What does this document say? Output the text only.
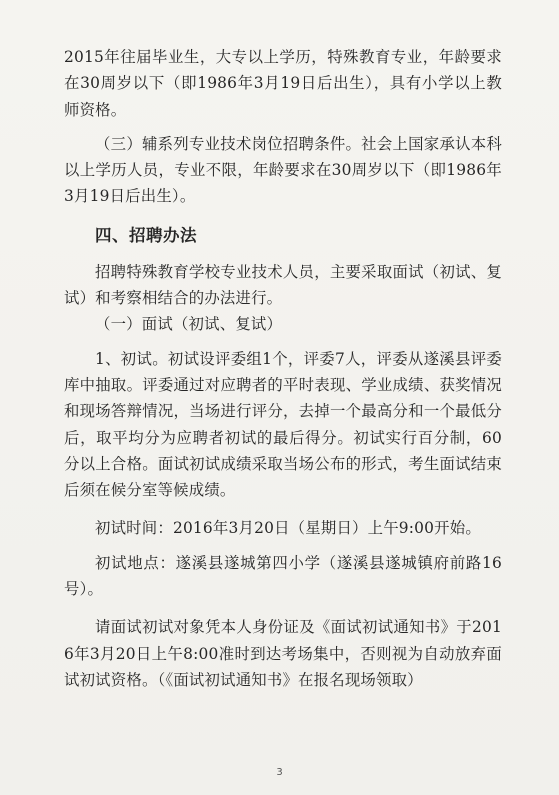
2015年往届毕业生，大专以上学历，特殊教育专业，年龄要求在30周岁以下（即1986年3月19日后出生），具有小学以上教师资格。

（三）辅系列专业技术岗位招聘条件。社会上国家承认本科以上学历人员，专业不限，年龄要求在30周岁以下（即1986年3月19日后出生）。

四、招聘办法

招聘特殊教育学校专业技术人员，主要采取面试（初试、复试）和考察相结合的办法进行。

（一）面试（初试、复试）

1、初试。初试设评委组1个，评委7人，评委从遂溪县评委库中抽取。评委通过对应聘者的平时表现、学业成绩、获奖情况和现场答辩情况，当场进行评分，去掉一个最高分和一个最低分后，取平均分为应聘者初试的最后得分。初试实行百分制，60分以上合格。面试初试成绩采取当场公布的形式，考生面试结束后须在候分室等候成绩。

初试时间：2016年3月20日（星期日）上午9:00开始。

初试地点：遂溪县遂城第四小学（遂溪县遂城镇府前路16号）。

请面试初试对象凭本人身份证及《面试初试通知书》于2016年3月20日上午8:00准时到达考场集中，否则视为自动放弃面试初试资格。（《面试初试通知书》在报名现场领取）

3
